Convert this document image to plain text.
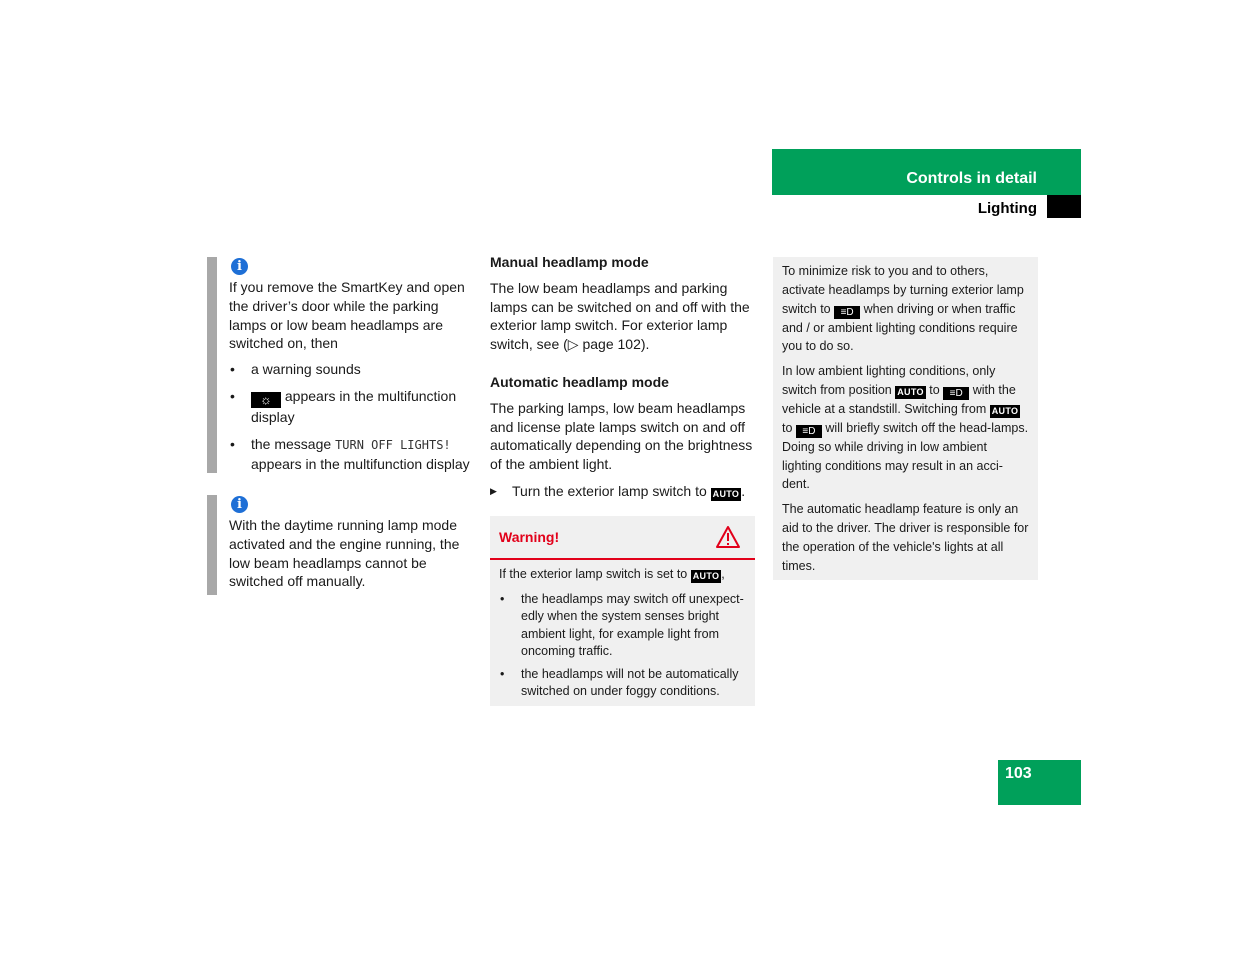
Controls in detail
Lighting
i
If you remove the SmartKey and open the driver’s door while the parking lamps or low beam headlamps are switched on, then
• a warning sounds
• ☼ appears in the multifunction display
• the message TURN OFF LIGHTS! appears in the multifunction display
i
With the daytime running lamp mode activated and the engine running, the low beam headlamps cannot be switched off manually.
Manual headlamp mode

The low beam headlamps and parking lamps can be switched on and off with the exterior lamp switch. For exterior lamp switch, see (▷ page 102).

Automatic headlamp mode

The parking lamps, low beam headlamps and license plate lamps switch on and off automatically depending on the brightness of the ambient light.

▶ Turn the exterior lamp switch to AUTO .
Warning!
If the exterior lamp switch is set to AUTO ,
• the headlamps may switch off unexpect-edly when the system senses bright ambient light, for example light from oncoming traffic.
• the headlamps will not be automatically switched on under foggy conditions.

To minimize risk to you and to others, activate headlamps by turning exterior lamp switch to ≡D when driving or when traffic and / or ambient lighting conditions require you to do so.

In low ambient lighting conditions, only switch from position AUTO to ≡D with the vehicle at a standstill. Switching from AUTO to ≡D will briefly switch off the head-lamps. Doing so while driving in low ambient lighting conditions may result in an acci-dent.

The automatic headlamp feature is only an aid to the driver. The driver is responsible for the operation of the vehicle's lights at all times.

103
